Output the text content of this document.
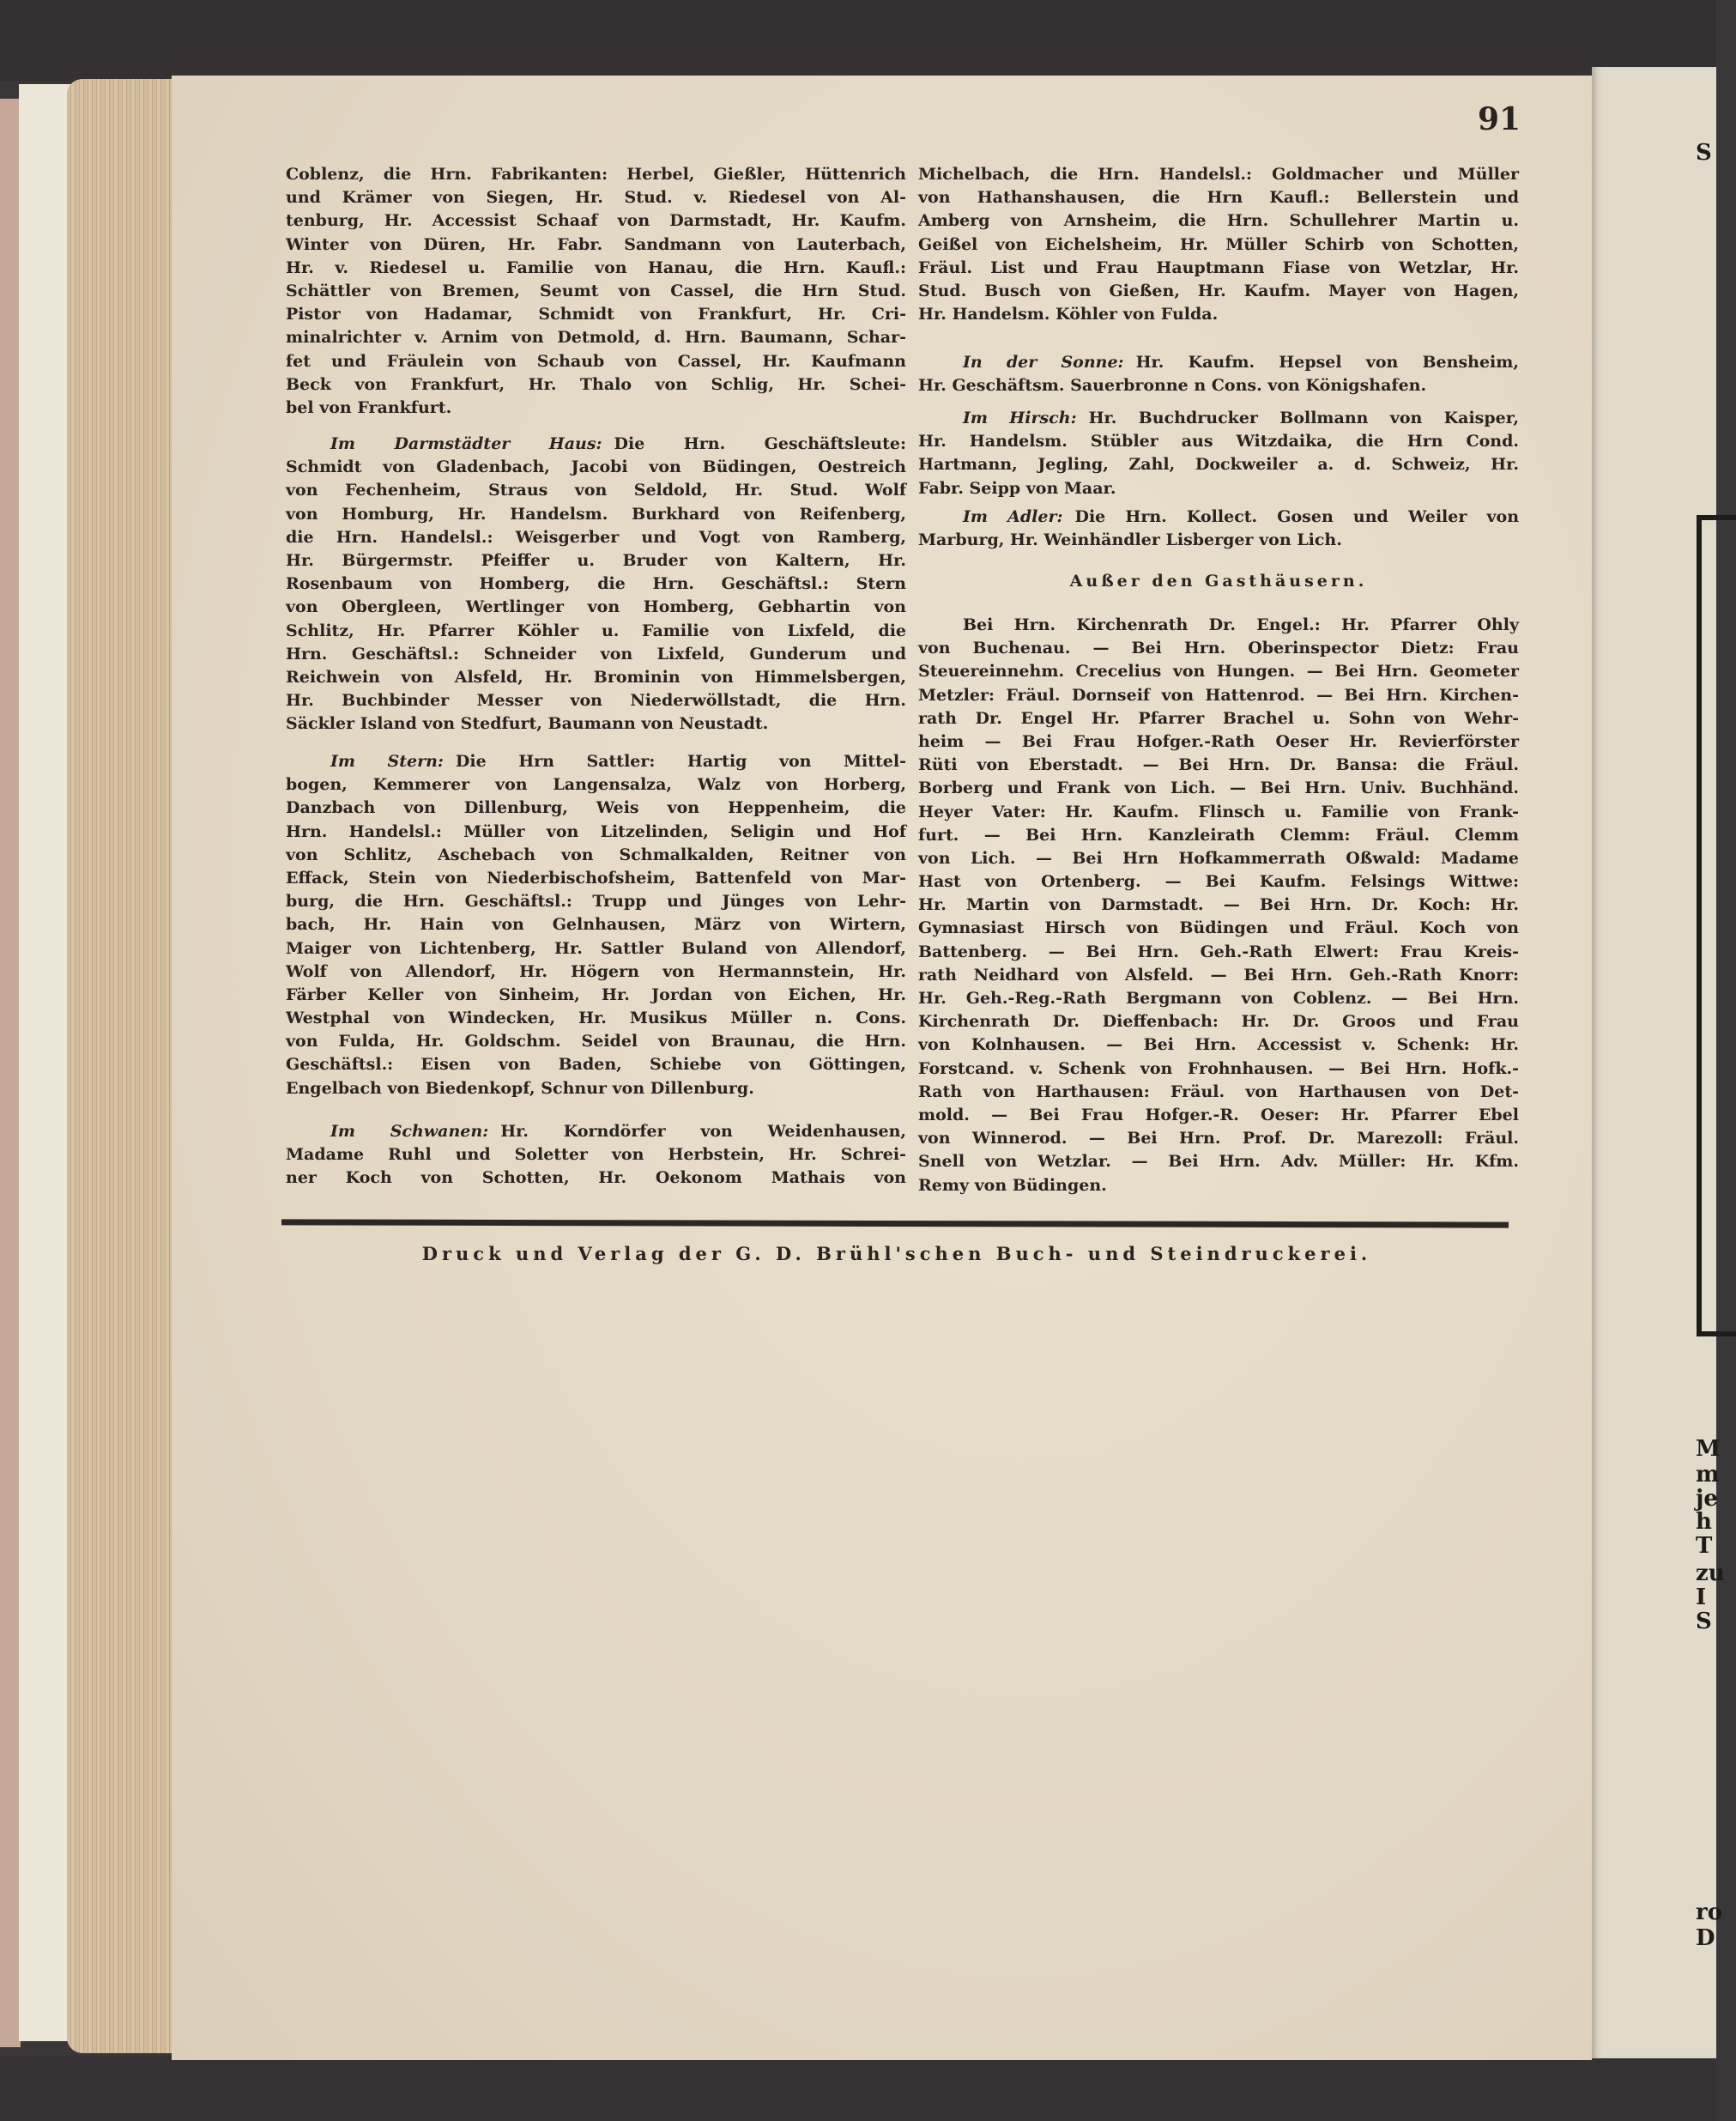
S
M
m
je
h
T
zu
I
S
ro
D
91
Coblenz, die Hrn. Fabrikanten: Herbel, Gießler, Hüttenrich
und Krämer von Siegen, Hr. Stud. v. Riedesel von Al-
tenburg, Hr. Accessist Schaaf von Darmstadt, Hr. Kaufm.
Winter von Düren, Hr. Fabr. Sandmann von Lauterbach,
Hr. v. Riedesel u. Familie von Hanau, die Hrn. Kaufl.:
Schättler von Bremen, Seumt von Cassel, die Hrn Stud.
Pistor von Hadamar, Schmidt von Frankfurt, Hr. Cri-
minalrichter v. Arnim von Detmold, d. Hrn. Baumann, Schar-
fet und Fräulein von Schaub von Cassel, Hr. Kaufmann
Beck von Frankfurt, Hr. Thalo von Schlig, Hr. Schei-
bel von Frankfurt.
Im Darmstädter Haus: Die Hrn. Geschäftsleute:
Schmidt von Gladenbach, Jacobi von Büdingen, Oestreich
von Fechenheim, Straus von Seldold, Hr. Stud. Wolf
von Homburg, Hr. Handelsm. Burkhard von Reifenberg,
die Hrn. Handelsl.: Weisgerber und Vogt von Ramberg,
Hr. Bürgermstr. Pfeiffer u. Bruder von Kaltern, Hr.
Rosenbaum von Homberg, die Hrn. Geschäftsl.: Stern
von Obergleen, Wertlinger von Homberg, Gebhartin von
Schlitz, Hr. Pfarrer Köhler u. Familie von Lixfeld, die
Hrn. Geschäftsl.: Schneider von Lixfeld, Gunderum und
Reichwein von Alsfeld, Hr. Brominin von Himmelsbergen,
Hr. Buchbinder Messer von Niederwöllstadt, die Hrn.
Säckler Island von Stedfurt, Baumann von Neustadt.
Im Stern: Die Hrn Sattler: Hartig von Mittel-
bogen, Kemmerer von Langensalza, Walz von Horberg,
Danzbach von Dillenburg, Weis von Heppenheim, die
Hrn. Handelsl.: Müller von Litzelinden, Seligin und Hof
von Schlitz, Aschebach von Schmalkalden, Reitner von
Effack, Stein von Niederbischofsheim, Battenfeld von Mar-
burg, die Hrn. Geschäftsl.: Trupp und Jünges von Lehr-
bach, Hr. Hain von Gelnhausen, März von Wirtern,
Maiger von Lichtenberg, Hr. Sattler Buland von Allendorf,
Wolf von Allendorf, Hr. Högern von Hermannstein, Hr.
Färber Keller von Sinheim, Hr. Jordan von Eichen, Hr.
Westphal von Windecken, Hr. Musikus Müller n. Cons.
von Fulda, Hr. Goldschm. Seidel von Braunau, die Hrn.
Geschäftsl.: Eisen von Baden, Schiebe von Göttingen,
Engelbach von Biedenkopf, Schnur von Dillenburg.
Im Schwanen: Hr. Korndörfer von Weidenhausen,
Madame Ruhl und Soletter von Herbstein, Hr. Schrei-
ner Koch von Schotten, Hr. Oekonom Mathais von
Michelbach, die Hrn. Handelsl.: Goldmacher und Müller
von Hathanshausen, die Hrn Kaufl.: Bellerstein und
Amberg von Arnsheim, die Hrn. Schullehrer Martin u.
Geißel von Eichelsheim, Hr. Müller Schirb von Schotten,
Fräul. List und Frau Hauptmann Fiase von Wetzlar, Hr.
Stud. Busch von Gießen, Hr. Kaufm. Mayer von Hagen,
Hr. Handelsm. Köhler von Fulda.
In der Sonne: Hr. Kaufm. Hepsel von Bensheim,
Hr. Geschäftsm. Sauerbronne n Cons. von Königshafen.
Im Hirsch: Hr. Buchdrucker Bollmann von Kaisper,
Hr. Handelsm. Stübler aus Witzdaika, die Hrn Cond.
Hartmann, Jegling, Zahl, Dockweiler a. d. Schweiz, Hr.
Fabr. Seipp von Maar.
Im Adler: Die Hrn. Kollect. Gosen und Weiler von
Marburg, Hr. Weinhändler Lisberger von Lich.
Bei Hrn. Kirchenrath Dr. Engel.: Hr. Pfarrer Ohly
von Buchenau. — Bei Hrn. Oberinspector Dietz: Frau
Steuereinnehm. Crecelius von Hungen. — Bei Hrn. Geometer
Metzler: Fräul. Dornseif von Hattenrod. — Bei Hrn. Kirchen-
rath Dr. Engel Hr. Pfarrer Brachel u. Sohn von Wehr-
heim — Bei Frau Hofger.-Rath Oeser Hr. Revierförster
Rüti von Eberstadt. — Bei Hrn. Dr. Bansa: die Fräul.
Borberg und Frank von Lich. — Bei Hrn. Univ. Buchhänd.
Heyer Vater: Hr. Kaufm. Flinsch u. Familie von Frank-
furt. — Bei Hrn. Kanzleirath Clemm: Fräul. Clemm
von Lich. — Bei Hrn Hofkammerrath Oßwald: Madame
Hast von Ortenberg. — Bei Kaufm. Felsings Wittwe:
Hr. Martin von Darmstadt. — Bei Hrn. Dr. Koch: Hr.
Gymnasiast Hirsch von Büdingen und Fräul. Koch von
Battenberg. — Bei Hrn. Geh.-Rath Elwert: Frau Kreis-
rath Neidhard von Alsfeld. — Bei Hrn. Geh.-Rath Knorr:
Hr. Geh.-Reg.-Rath Bergmann von Coblenz. — Bei Hrn.
Kirchenrath Dr. Dieffenbach: Hr. Dr. Groos und Frau
von Kolnhausen. — Bei Hrn. Accessist v. Schenk: Hr.
Forstcand. v. Schenk von Frohnhausen. — Bei Hrn. Hofk.-
Rath von Harthausen: Fräul. von Harthausen von Det-
mold. — Bei Frau Hofger.-R. Oeser: Hr. Pfarrer Ebel
von Winnerod. — Bei Hrn. Prof. Dr. Marezoll: Fräul.
Snell von Wetzlar. — Bei Hrn. Adv. Müller: Hr. Kfm.
Remy von Büdingen.
Außer den Gasthäusern.
Druck und Verlag der G. D. Brühl'schen Buch- und Steindruckerei.
